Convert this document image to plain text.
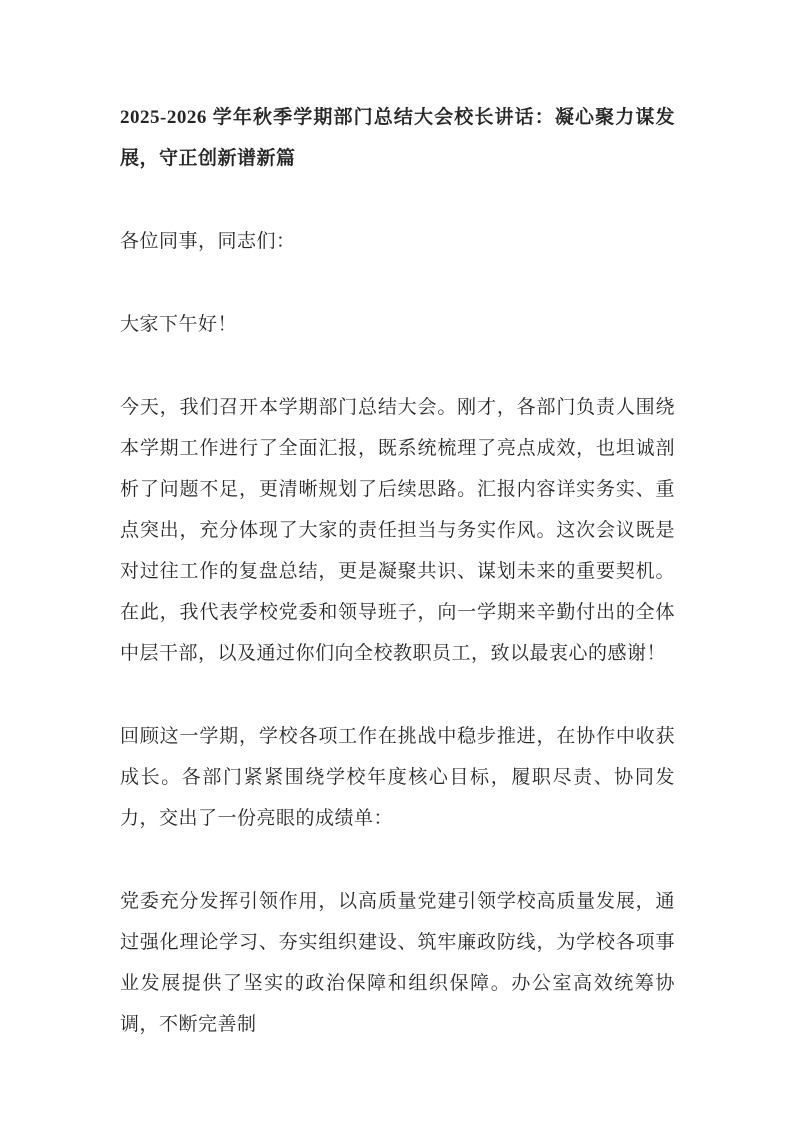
2025-2026 学年秋季学期部门总结大会校长讲话：凝心聚力谋发展，守正创新谱新篇

各位同事，同志们：

大家下午好！

今天，我们召开本学期部门总结大会。刚才，各部门负责人围绕本学期工作进行了全面汇报，既系统梳理了亮点成效，也坦诚剖析了问题不足，更清晰规划了后续思路。汇报内容详实务实、重点突出，充分体现了大家的责任担当与务实作风。这次会议既是对过往工作的复盘总结，更是凝聚共识、谋划未来的重要契机。在此，我代表学校党委和领导班子，向一学期来辛勤付出的全体中层干部，以及通过你们向全校教职员工，致以最衷心的感谢！

回顾这一学期，学校各项工作在挑战中稳步推进，在协作中收获成长。各部门紧紧围绕学校年度核心目标，履职尽责、协同发力，交出了一份亮眼的成绩单：

党委充分发挥引领作用，以高质量党建引领学校高质量发展，通过强化理论学习、夯实组织建设、筑牢廉政防线，为学校各项事业发展提供了坚实的政治保障和组织保障。办公室高效统筹协调，不断完善制
